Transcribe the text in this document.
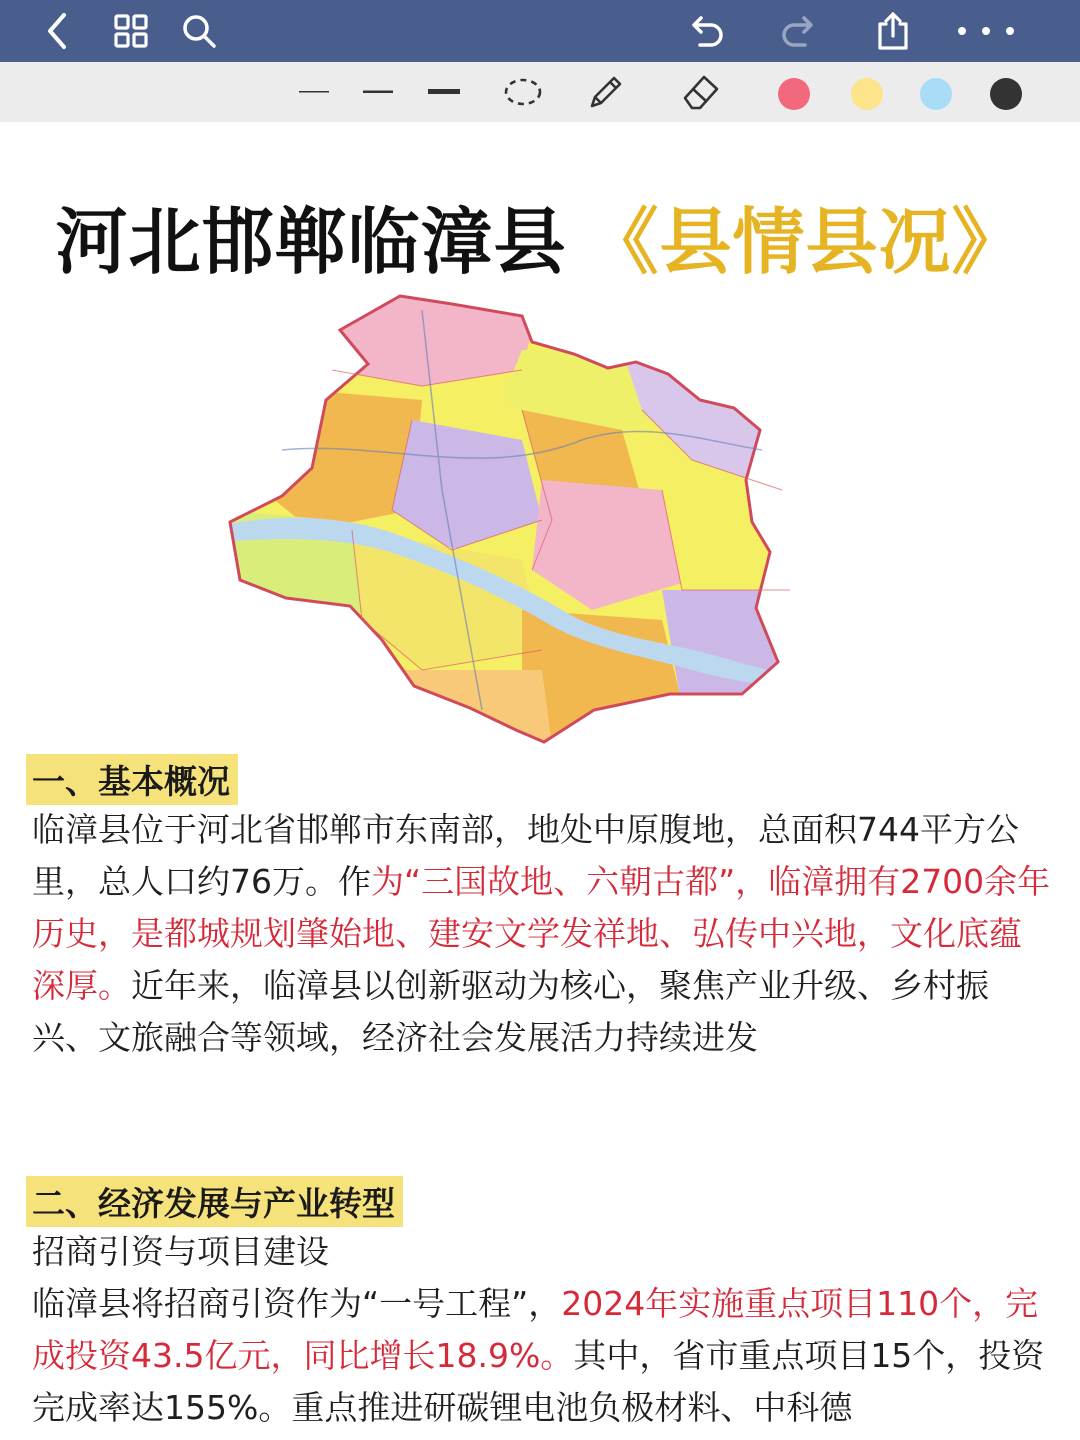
河北邯郸临漳县 《县情县况》
一、基本概况
临漳县位于河北省邯郸市东南部，地处中原腹地，总面积744平方公里，总人口约76万。作为“三国故地、六朝古都”，临漳拥有2700余年历史，是都城规划肇始地、建安文学发祥地、弘传中兴地，文化底蕴深厚。近年来，临漳县以创新驱动为核心，聚焦产业升级、乡村振兴、文旅融合等领域，经济社会发展活力持续进发
二、经济发展与产业转型
招商引资与项目建设
临漳县将招商引资作为“一号工程”，2024年实施重点项目110个，完成投资43.5亿元，同比增长18.9%。其中，省市重点项目15个，投资完成率达155%。重点推进研碳锂电池负极材料、中科德
